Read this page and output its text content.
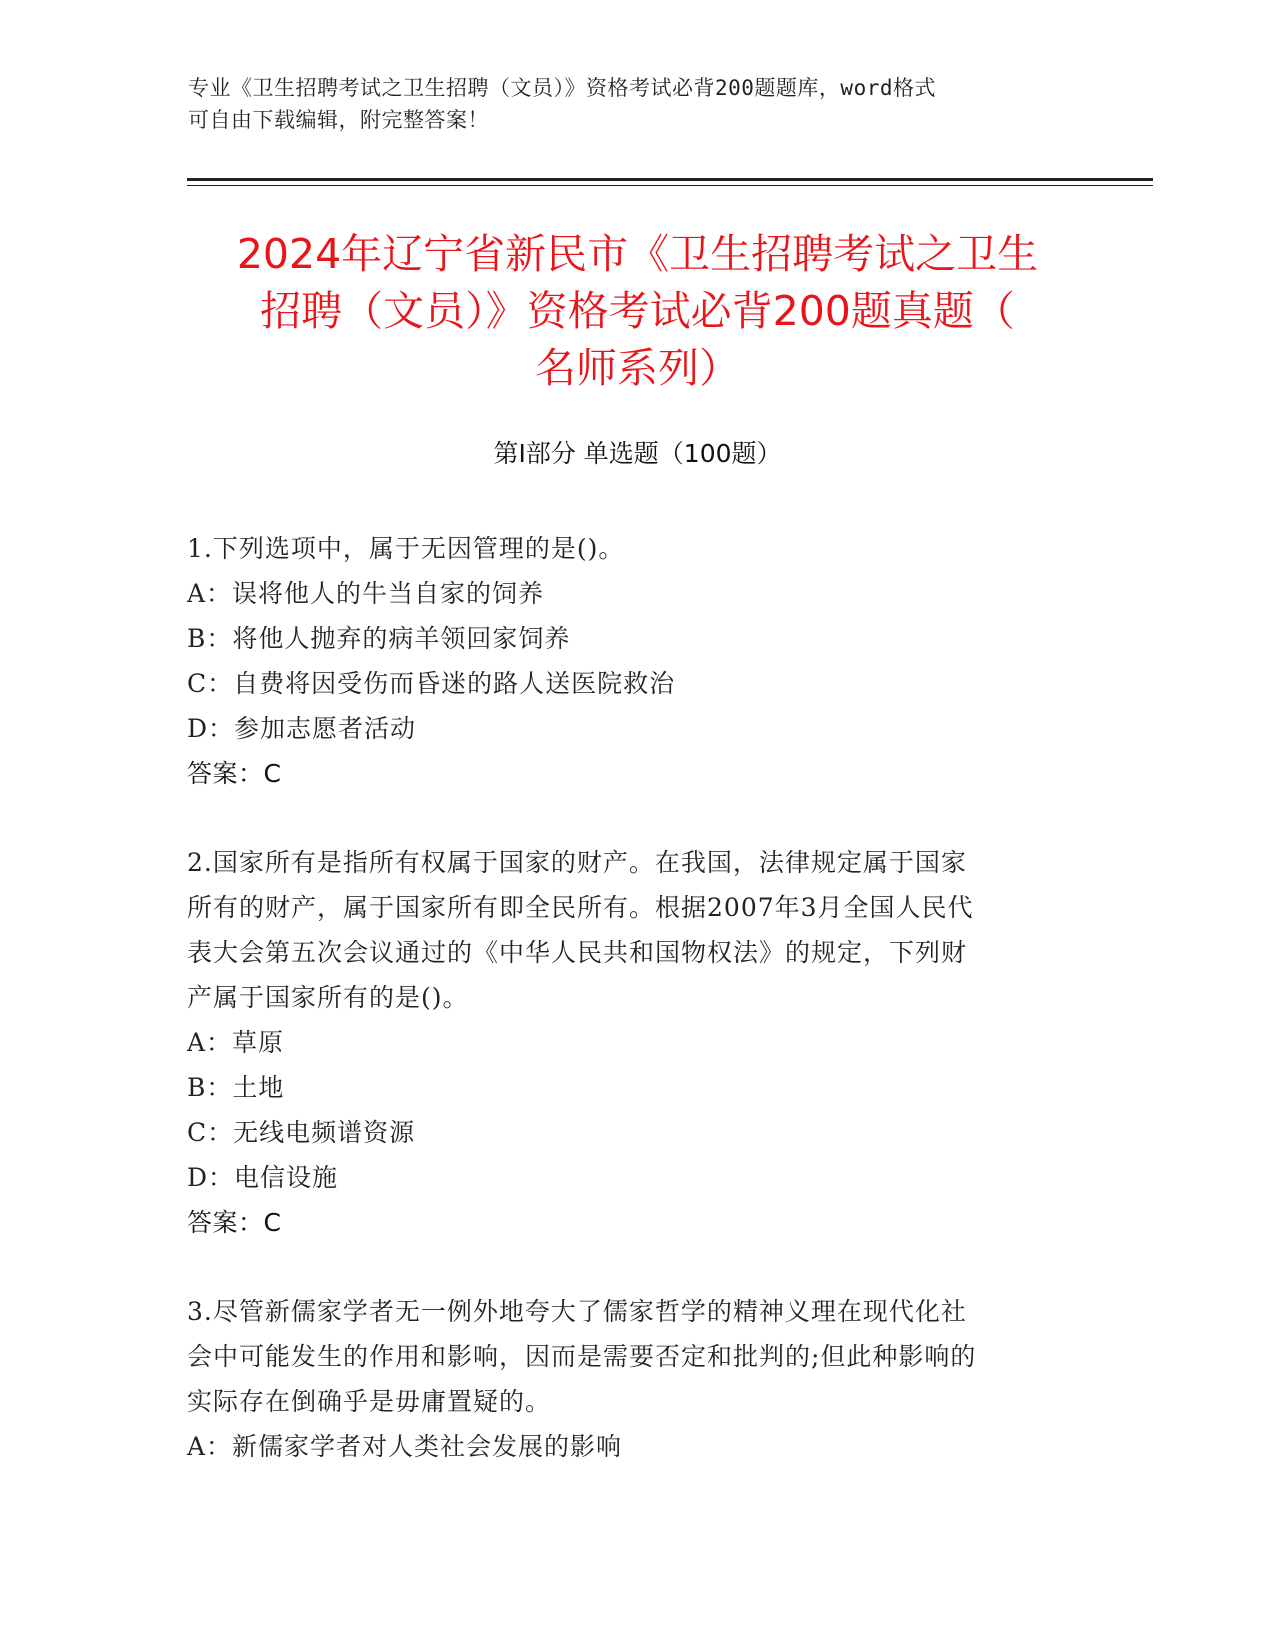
专业《卫生招聘考试之卫生招聘（文员）》资格考试必背200题题库，word格式
可自由下载编辑，附完整答案！
2024年辽宁省新民市《卫生招聘考试之卫生
招聘（文员）》资格考试必背200题真题（
名师系列）
第Ⅰ部分 单选题（100题）
1.下列选项中，属于无因管理的是()。
A：误将他人的牛当自家的饲养
B：将他人抛弃的病羊领回家饲养
C：自费将因受伤而昏迷的路人送医院救治
D：参加志愿者活动
答案：C
2.国家所有是指所有权属于国家的财产。在我国，法律规定属于国家
所有的财产，属于国家所有即全民所有。根据2007年3月全国人民代
表大会第五次会议通过的《中华人民共和国物权法》的规定，下列财
产属于国家所有的是()。
A：草原
B：土地
C：无线电频谱资源
D：电信设施
答案：C
3.尽管新儒家学者无一例外地夸大了儒家哲学的精神义理在现代化社
会中可能发生的作用和影响，因而是需要否定和批判的;但此种影响的
实际存在倒确乎是毋庸置疑的。
A：新儒家学者对人类社会发展的影响
